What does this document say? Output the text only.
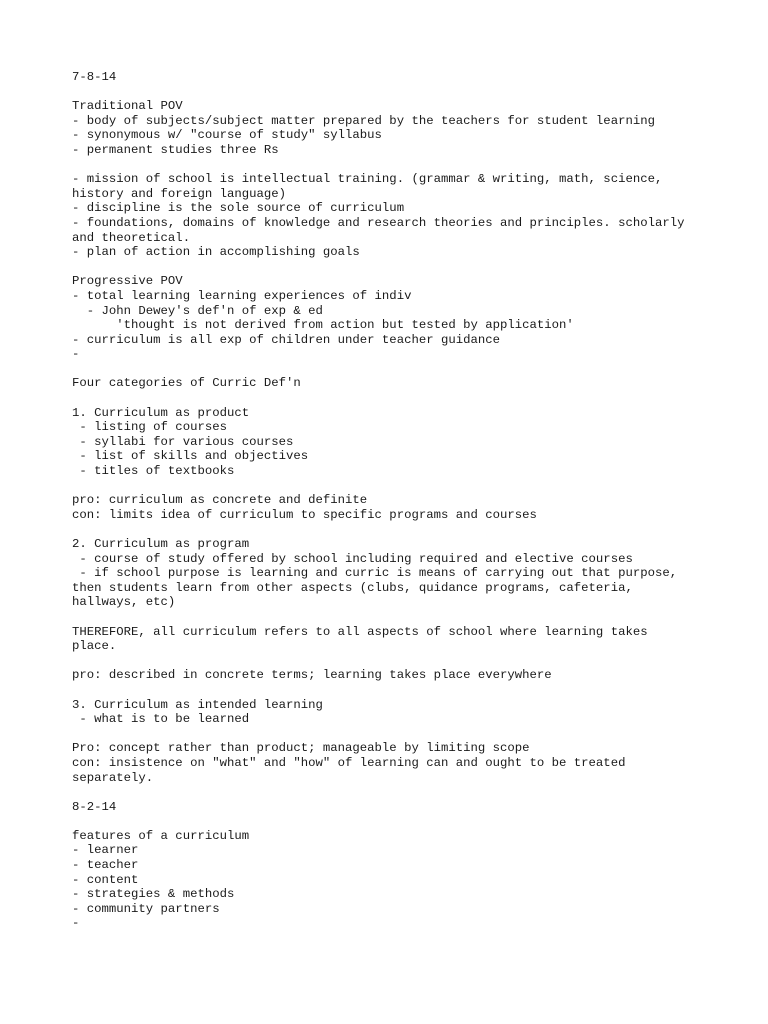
7-8-14
Traditional POV
- body of subjects/subject matter prepared by the teachers for student learning
- synonymous w/ "course of study" syllabus
- permanent studies three Rs
- mission of school is intellectual training. (grammar & writing, math, science,
history and foreign language)
- discipline is the sole source of curriculum
- foundations, domains of knowledge and research theories and principles. scholarly
and theoretical.
- plan of action in accomplishing goals
Progressive POV
- total learning learning experiences of indiv
- John Dewey's def'n of exp & ed
'thought is not derived from action but tested by application'
- curriculum is all exp of children under teacher guidance
-
Four categories of Curric Def'n
1. Curriculum as product
- listing of courses
- syllabi for various courses
- list of skills and objectives
- titles of textbooks
pro: curriculum as concrete and definite
con: limits idea of curriculum to specific programs and courses
2. Curriculum as program
- course of study offered by school including required and elective courses
- if school purpose is learning and curric is means of carrying out that purpose,
then students learn from other aspects (clubs, quidance programs, cafeteria,
hallways, etc)
THEREFORE, all curriculum refers to all aspects of school where learning takes
place.
pro: described in concrete terms; learning takes place everywhere
3. Curriculum as intended learning
- what is to be learned
Pro: concept rather than product; manageable by limiting scope
con: insistence on "what" and "how" of learning can and ought to be treated
separately.
8-2-14
features of a curriculum
- learner
- teacher
- content
- strategies & methods
- community partners
-
